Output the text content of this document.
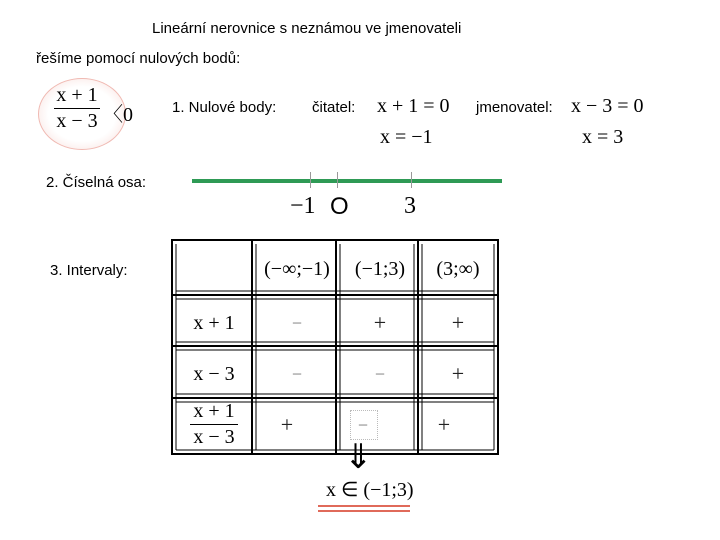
Lineární nerovnice s neznámou ve jmenovateli
řešíme pomocí nulových bodů:
x + 1
x − 3 〈0	1. Nulové body: čitatel: x + 1 = 0
x = −1
jmenovatel: x − 3 = 0
x = 3
2. Číselná osa:
−1 O 3
3. Intervaly:	(−∞;−1)	(−1;3)	(3;∞)
x + 1	−	+	+
x − 3	−	−	+
x + 1
x − 3	+	−	+
⇓
x ∈ (−1;3)
